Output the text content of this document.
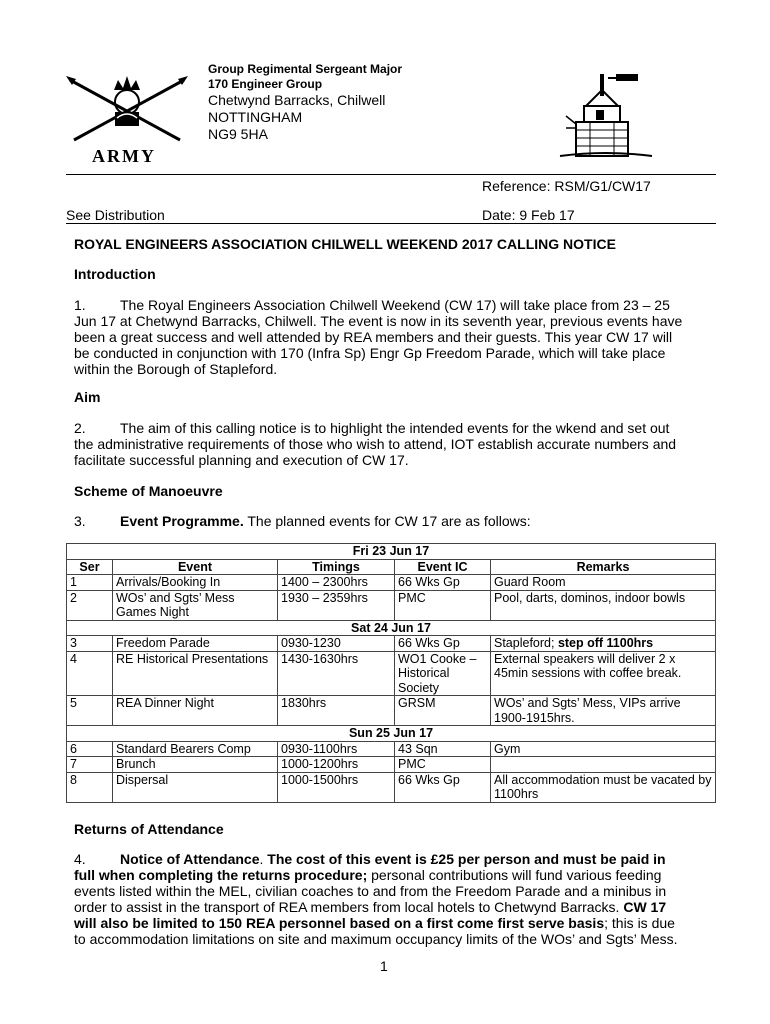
ARMY
Group Regimental Sergeant Major
170 Engineer Group
Chetwynd Barracks, Chilwell
NOTTINGHAM
NG9 5HA
Reference: RSM/G1/CW17
See Distribution	Date: 9 Feb 17
ROYAL ENGINEERS ASSOCIATION CHILWELL WEEKEND 2017 CALLING NOTICE
Introduction
1. The Royal Engineers Association Chilwell Weekend (CW 17) will take place from 23 – 25 Jun 17 at Chetwynd Barracks, Chilwell. The event is now in its seventh year, previous events have been a great success and well attended by REA members and their guests. This year CW 17 will be conducted in conjunction with 170 (Infra Sp) Engr Gp Freedom Parade, which will take place within the Borough of Stapleford.
Aim
2. The aim of this calling notice is to highlight the intended events for the wkend and set out the administrative requirements of those who wish to attend, IOT establish accurate numbers and facilitate successful planning and execution of CW 17.
Scheme of Manoeuvre
3. Event Programme. The planned events for CW 17 are as follows:
Fri 23 Jun 17				
Ser	Event	Timings	Event IC	Remarks
1	Arrivals/Booking In	1400 – 2300hrs	66 Wks Gp	Guard Room
2	WOs’ and Sgts’ Mess Games Night	1930 – 2359hrs	PMC	Pool, darts, dominos, indoor bowls
Sat 24 Jun 17				
3	Freedom Parade	0930-1230	66 Wks Gp	Stapleford; step off 1100hrs
4	RE Historical Presentations	1430-1630hrs	WO1 Cooke – Historical Society	External speakers will deliver 2 x 45min sessions with coffee break.
5	REA Dinner Night	1830hrs	GRSM	WOs’ and Sgts’ Mess, VIPs arrive 1900-1915hrs.
Sun 25 Jun 17				
6	Standard Bearers Comp	0930-1100hrs	43 Sqn	Gym
7	Brunch	1000-1200hrs	PMC	
8	Dispersal	1000-1500hrs	66 Wks Gp	All accommodation must be vacated by 1100hrs
Returns of Attendance
4. Notice of Attendance. The cost of this event is £25 per person and must be paid in full when completing the returns procedure; personal contributions will fund various feeding events listed within the MEL, civilian coaches to and from the Freedom Parade and a minibus in order to assist in the transport of REA members from local hotels to Chetwynd Barracks. CW 17 will also be limited to 150 REA personnel based on a first come first serve basis; this is due to accommodation limitations on site and maximum occupancy limits of the WOs’ and Sgts’ Mess.
1
